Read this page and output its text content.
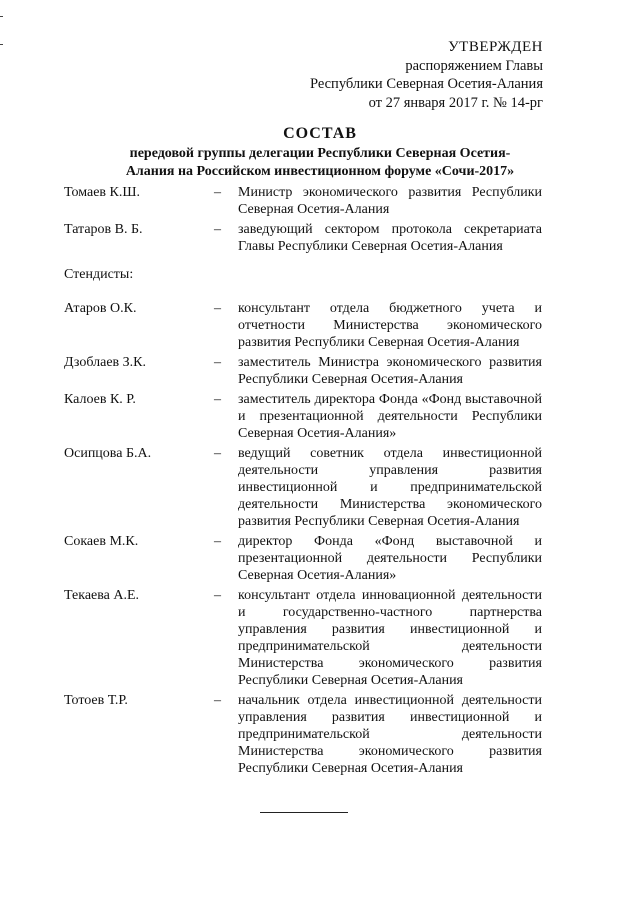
УТВЕРЖДЕН
распоряжением Главы
Республики Северная Осетия-Алания
от 27 января 2017 г. № 14-рг
СОСТАВ
передовой группы делегации Республики Северная Осетия-
Алания на Российском инвестиционном форуме «Сочи-2017»
Томаев К.Ш.	– Министр экономического развития Республики Северная Осетия-Алания
Татаров В. Б.	– заведующий сектором протокола секретариата Главы Республики Северная Осетия-Алания
Стендисты:
Атаров О.К.	– консультант отдела бюджетного учета и отчетности Министерства экономического развития Республики Северная Осетия-Алания
Дзоблаев З.К.	– заместитель Министра экономического развития Республики Северная Осетия-Алания
Калоев К. Р.	– заместитель директора Фонда «Фонд выставочной и презентационной деятельности Республики Северная Осетия-Алания»
Осипцова Б.А.	– ведущий советник отдела инвестиционной деятельности управления развития инвестиционной и предпринимательской деятельности Министерства экономического развития Республики Северная Осетия-Алания
Сокаев М.К.	– директор Фонда «Фонд выставочной и презентационной деятельности Республики Северная Осетия-Алания»
Текаева А.Е.	– консультант отдела инновационной деятельности и государственно-частного партнерства управления развития инвестиционной и предпринимательской деятельности Министерства экономического развития Республики Северная Осетия-Алания
Тотоев Т.Р.	– начальник отдела инвестиционной деятельности управления развития инвестиционной и предпринимательской деятельности Министерства экономического развития Республики Северная Осетия-Алания
